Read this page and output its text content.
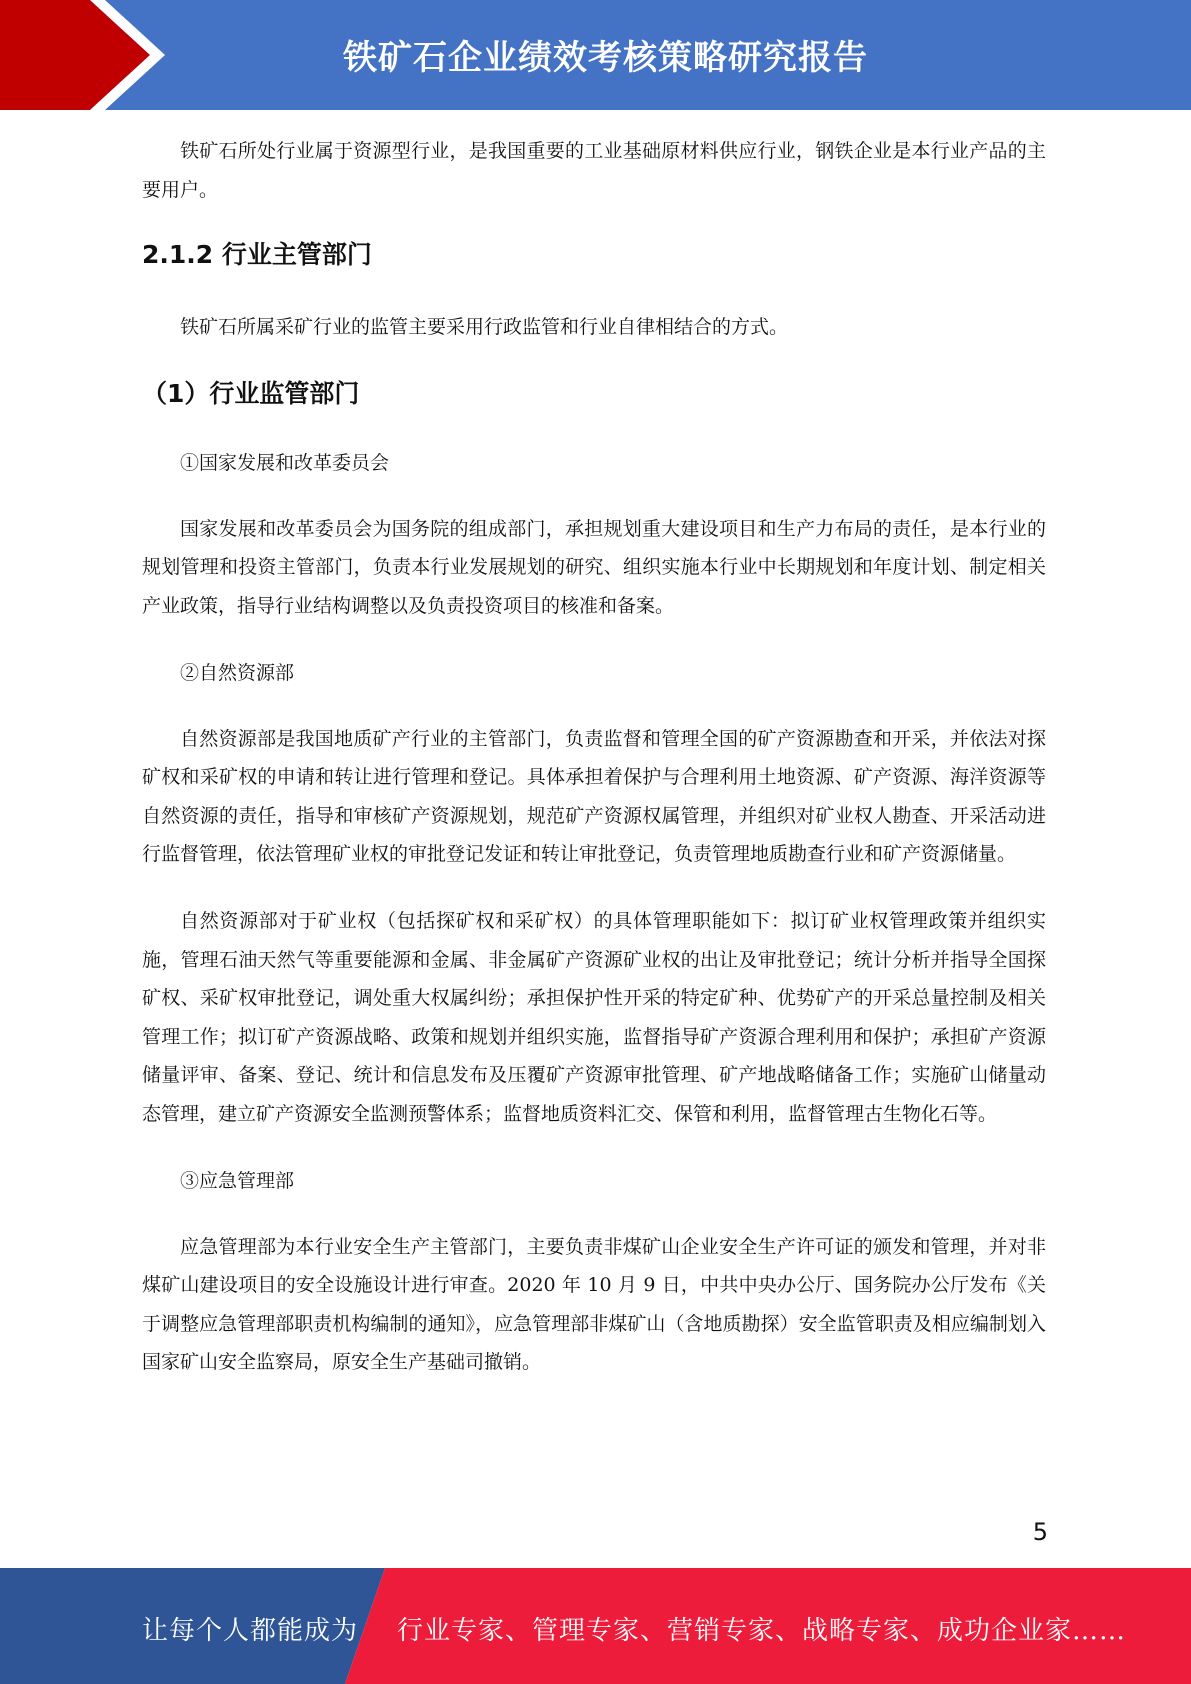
铁矿石企业绩效考核策略研究报告

铁矿石所处行业属于资源型行业，是我国重要的工业基础原材料供应行业，钢铁企业是本行业产品的主要用户。

2.1.2 行业主管部门

铁矿石所属采矿行业的监管主要采用行政监管和行业自律相结合的方式。

（1）行业监管部门

①国家发展和改革委员会

国家发展和改革委员会为国务院的组成部门，承担规划重大建设项目和生产力布局的责任，是本行业的规划管理和投资主管部门，负责本行业发展规划的研究、组织实施本行业中长期规划和年度计划、制定相关产业政策，指导行业结构调整以及负责投资项目的核准和备案。

②自然资源部

自然资源部是我国地质矿产行业的主管部门，负责监督和管理全国的矿产资源勘查和开采，并依法对探矿权和采矿权的申请和转让进行管理和登记。具体承担着保护与合理利用土地资源、矿产资源、海洋资源等自然资源的责任，指导和审核矿产资源规划，规范矿产资源权属管理，并组织对矿业权人勘查、开采活动进行监督管理，依法管理矿业权的审批登记发证和转让审批登记，负责管理地质勘查行业和矿产资源储量。

自然资源部对于矿业权（包括探矿权和采矿权）的具体管理职能如下：拟订矿业权管理政策并组织实施，管理石油天然气等重要能源和金属、非金属矿产资源矿业权的出让及审批登记；统计分析并指导全国探矿权、采矿权审批登记，调处重大权属纠纷；承担保护性开采的特定矿种、优势矿产的开采总量控制及相关管理工作；拟订矿产资源战略、政策和规划并组织实施，监督指导矿产资源合理利用和保护；承担矿产资源储量评审、备案、登记、统计和信息发布及压覆矿产资源审批管理、矿产地战略储备工作；实施矿山储量动态管理，建立矿产资源安全监测预警体系；监督地质资料汇交、保管和利用，监督管理古生物化石等。

③应急管理部

应急管理部为本行业安全生产主管部门，主要负责非煤矿山企业安全生产许可证的颁发和管理，并对非煤矿山建设项目的安全设施设计进行审查。2020 年 10 月 9 日，中共中央办公厅、国务院办公厅发布《关于调整应急管理部职责机构编制的通知》，应急管理部非煤矿山（含地质勘探）安全监管职责及相应编制划入国家矿山安全监察局，原安全生产基础司撤销。

5
让每个人都能成为 行业专家、管理专家、营销专家、战略专家、成功企业家……
